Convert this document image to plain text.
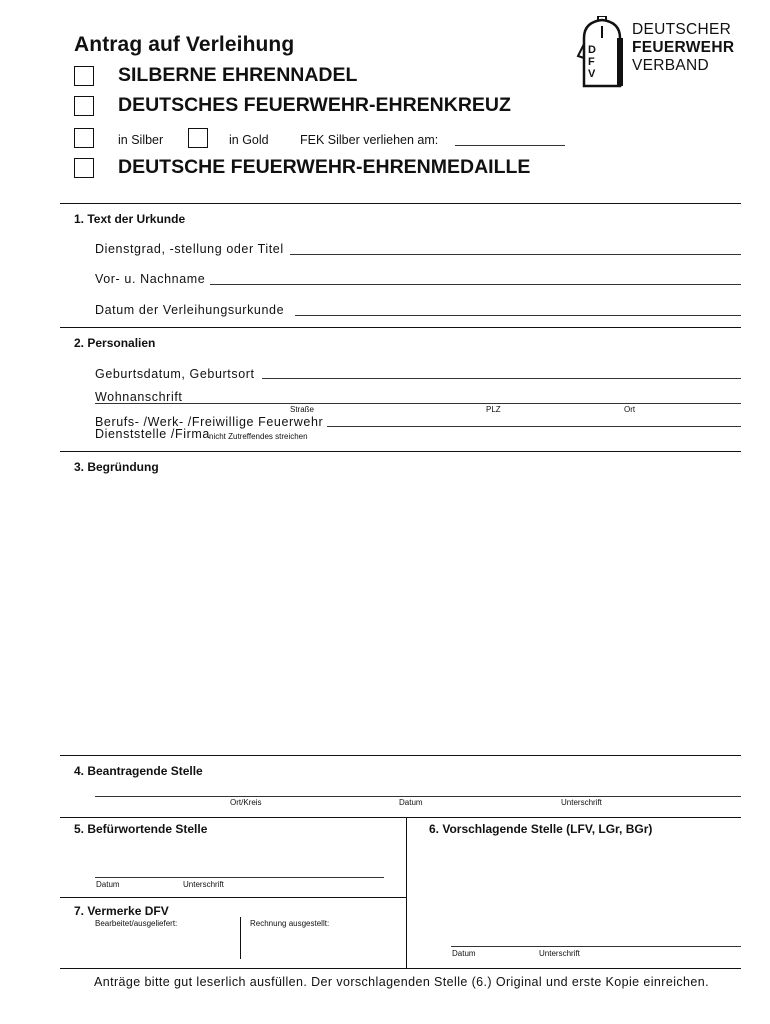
Antrag auf Verleihung
SILBERNE EHRENNADEL
DEUTSCHES FEUERWEHR-EHRENKREUZ
in Silber	in Gold	FEK Silber verliehen am:
DEUTSCHE FEUERWEHR-EHRENMEDAILLE
D
F
V
DEUTSCHER
FEUERWEHR
VERBAND
1. Text der Urkunde
Dienstgrad, -stellung oder Titel
Vor- u. Nachname
Datum der Verleihungsurkunde
2. Personalien
Geburtsdatum, Geburtsort
Wohnanschrift
Straße	PLZ	Ort
Berufs- /Werk- /Freiwillige Feuerwehr
Dienststelle /Firma nicht Zutreffendes streichen
3. Begründung
4. Beantragende Stelle
Ort/Kreis	Datum	Unterschrift
5. Befürwortende Stelle
Datum	Unterschrift
6. Vorschlagende Stelle (LFV, LGr, BGr)
Datum	Unterschrift
7. Vermerke DFV
Bearbeitet/ausgeliefert:	Rechnung ausgestellt:
Anträge bitte gut leserlich ausfüllen. Der vorschlagenden Stelle (6.) Original und erste Kopie einreichen.
